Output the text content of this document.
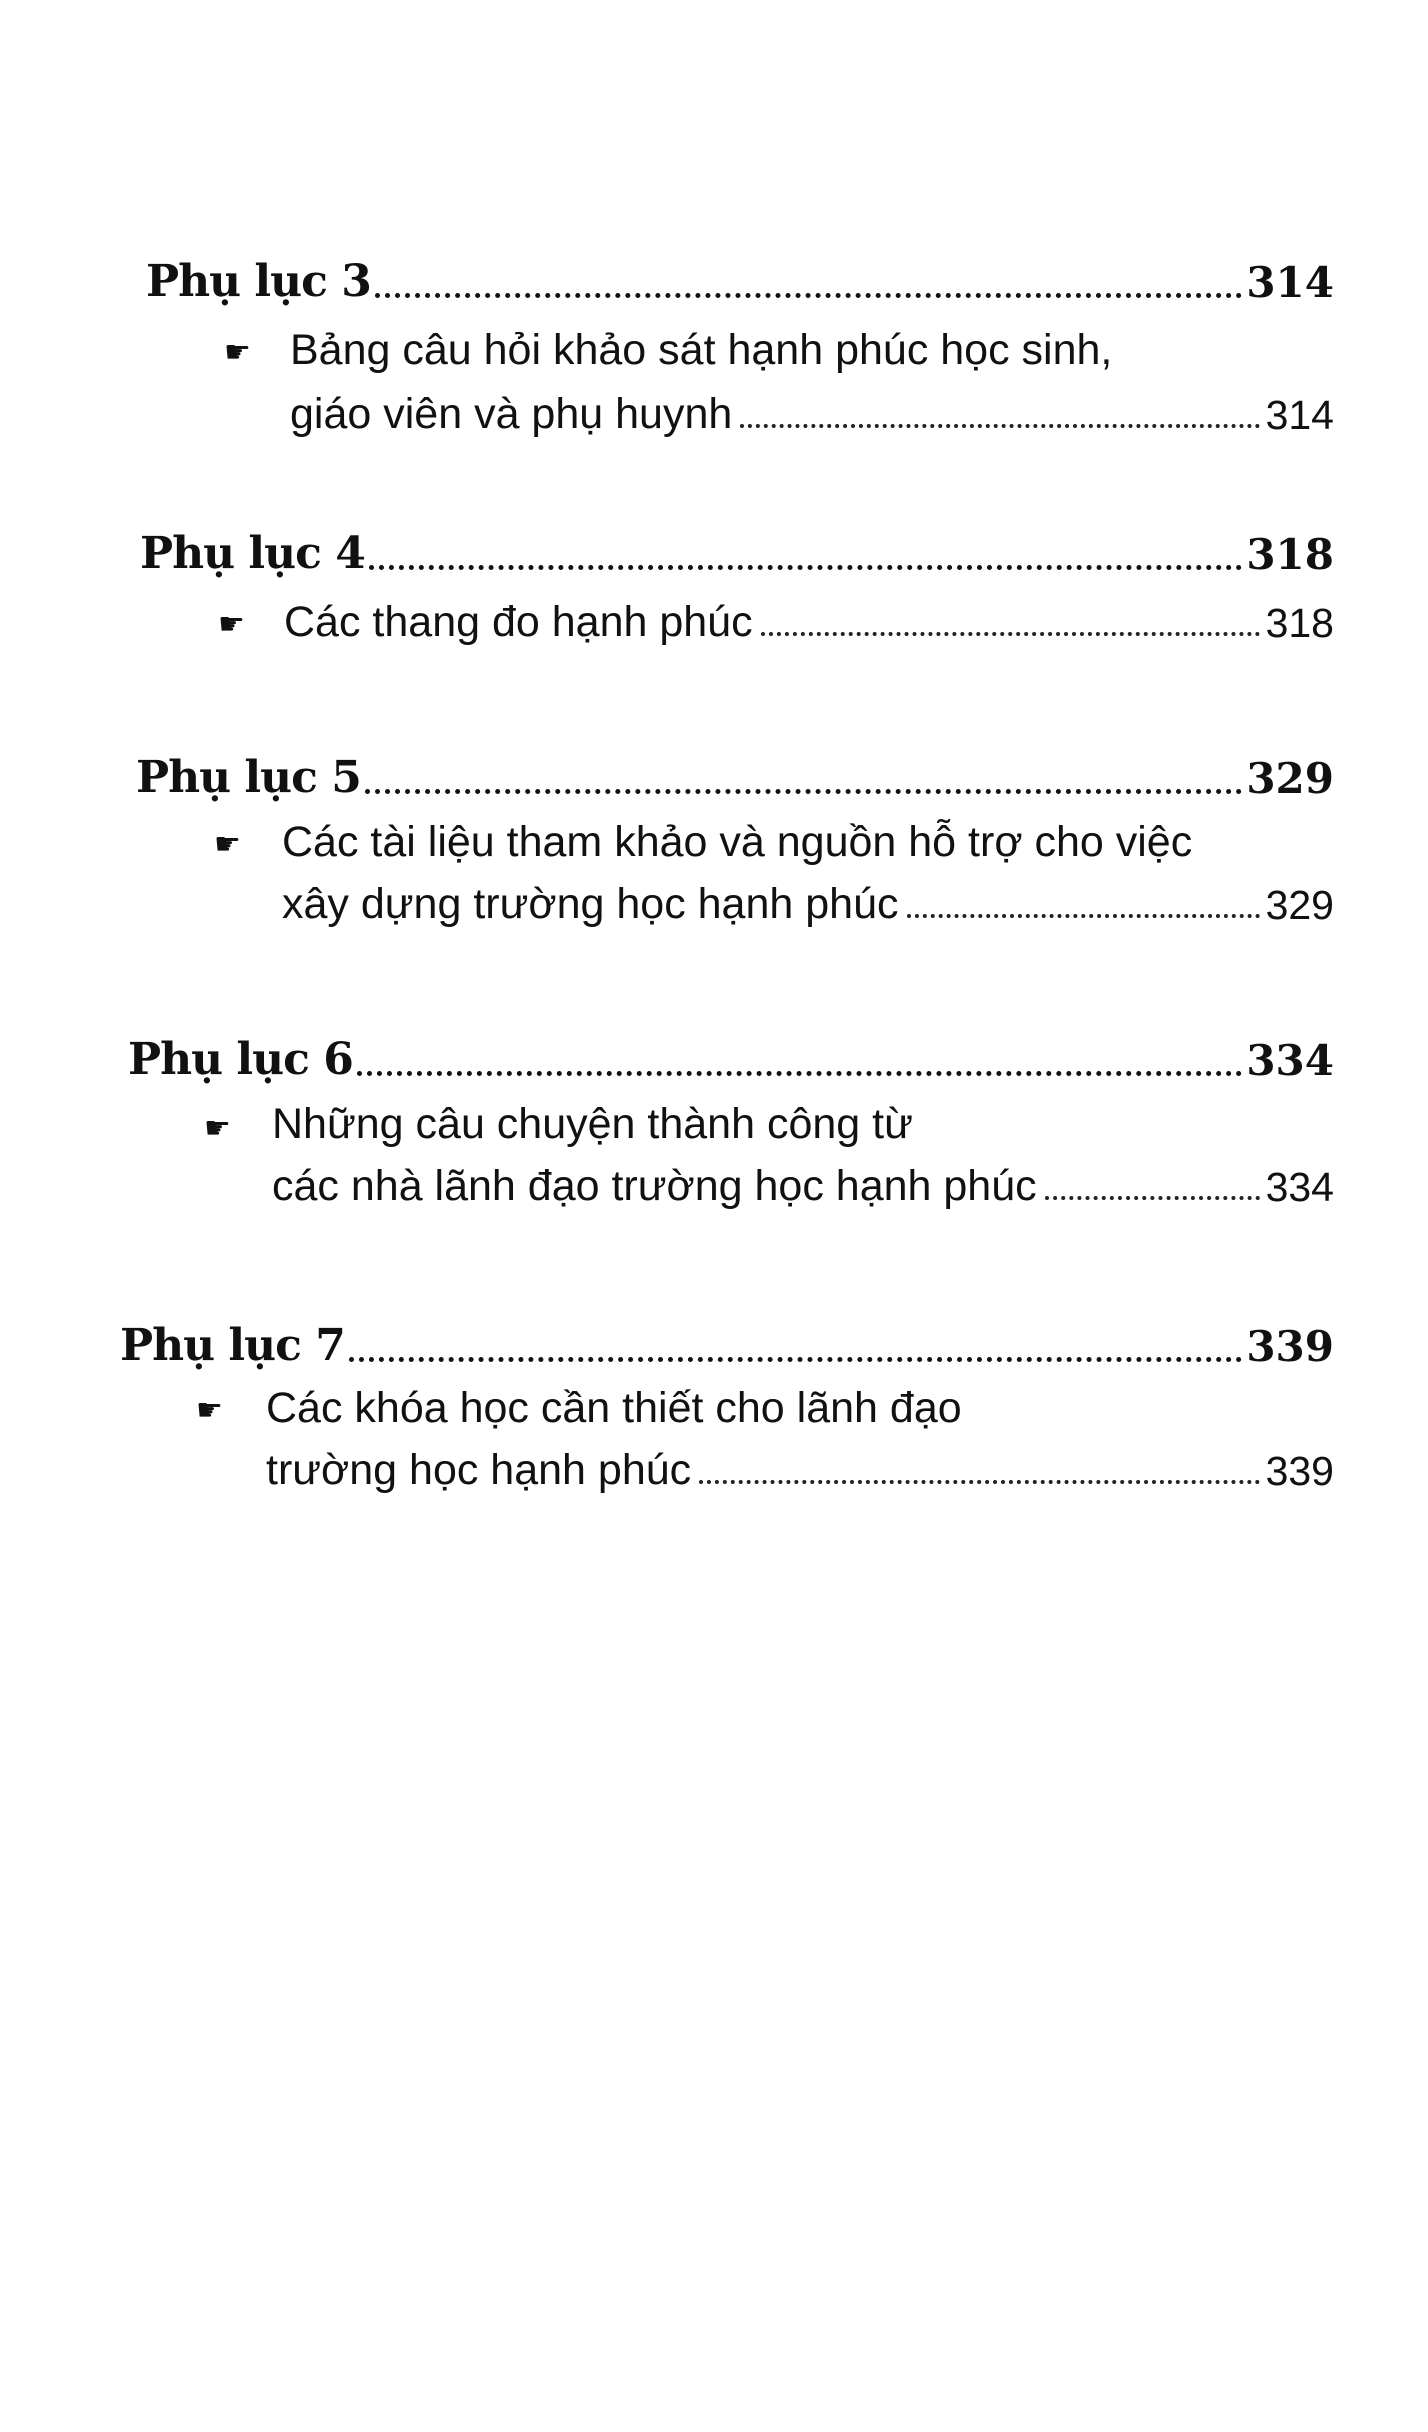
Phụ lục 3	314
☛ Bảng câu hỏi khảo sát hạnh phúc học sinh,
giáo viên và phụ huynh	314
Phụ lục 4	318
☛ Các thang đo hạnh phúc	318
Phụ lục 5	329
☛ Các tài liệu tham khảo và nguồn hỗ trợ cho việc
xây dựng trường học hạnh phúc	329
Phụ lục 6	334
☛ Những câu chuyện thành công từ
các nhà lãnh đạo trường học hạnh phúc	334
Phụ lục 7	339
☛ Các khóa học cần thiết cho lãnh đạo
trường học hạnh phúc	339
